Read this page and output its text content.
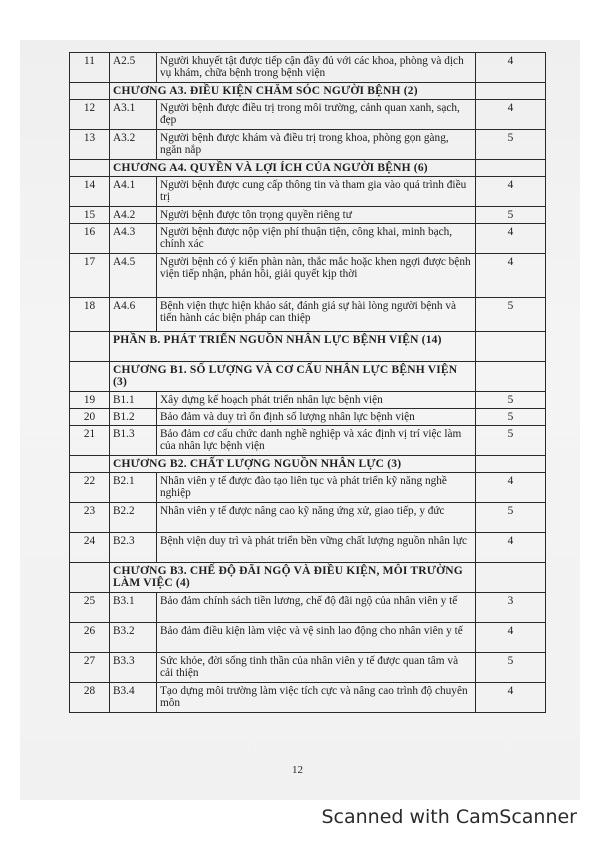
11	A2.5	Người khuyết tật được tiếp cận đầy đủ với các khoa, phòng và dịch vụ khám, chữa bệnh trong bệnh viện	4
	CHƯƠNG A3. ĐIỀU KIỆN CHĂM SÓC NGƯỜI BỆNH (2)		
12	A3.1	Người bệnh được điều trị trong môi trường, cảnh quan xanh, sạch, đẹp	4
13	A3.2	Người bệnh được khám và điều trị trong khoa, phòng gọn gàng, ngăn nắp	5
	CHƯƠNG A4. QUYỀN VÀ LỢI ÍCH CỦA NGƯỜI BỆNH (6)		
14	A4.1	Người bệnh được cung cấp thông tin và tham gia vào quá trình điều trị	4
15	A4.2	Người bệnh được tôn trọng quyền riêng tư	5
16	A4.3	Người bệnh được nộp viện phí thuận tiện, công khai, minh bạch, chính xác	4
17	A4.5	Người bệnh có ý kiến phàn nàn, thắc mắc hoặc khen ngợi được bệnh viện tiếp nhận, phản hồi, giải quyết kịp thời	4
18	A4.6	Bệnh viện thực hiện khảo sát, đánh giá sự hài lòng người bệnh và tiến hành các biện pháp can thiệp	5
	PHẦN B. PHÁT TRIỂN NGUỒN NHÂN LỰC BỆNH VIỆN (14)		
	CHƯƠNG B1. SỐ LƯỢNG VÀ CƠ CẤU NHÂN LỰC BỆNH VIỆN (3)		
19	B1.1	Xây dựng kế hoạch phát triển nhân lực bệnh viện	5
20	B1.2	Bảo đảm và duy trì ổn định số lượng nhân lực bệnh viện	5
21	B1.3	Bảo đảm cơ cấu chức danh nghề nghiệp và xác định vị trí việc làm của nhân lực bệnh viện	5
	CHƯƠNG B2. CHẤT LƯỢNG NGUỒN NHÂN LỰC (3)		
22	B2.1	Nhân viên y tế được đào tạo liên tục và phát triển kỹ năng nghề nghiệp	4
23	B2.2	Nhân viên y tế được nâng cao kỹ năng ứng xử, giao tiếp, y đức	5
24	B2.3	Bệnh viện duy trì và phát triển bền vững chất lượng nguồn nhân lực	4
	CHƯƠNG B3. CHẾ ĐỘ ĐÃI NGỘ VÀ ĐIỀU KIỆN, MÔI TRƯỜNG LÀM VIỆC (4)		
25	B3.1	Bảo đảm chính sách tiền lương, chế độ đãi ngộ của nhân viên y tế	3
26	B3.2	Bảo đảm điều kiện làm việc và vệ sinh lao động cho nhân viên y tế	4
27	B3.3	Sức khỏe, đời sống tinh thần của nhân viên y tế được quan tâm và cải thiện	5
28	B3.4	Tạo dựng môi trường làm việc tích cực và nâng cao trình độ chuyên môn	4
12
Scanned with CamScanner
